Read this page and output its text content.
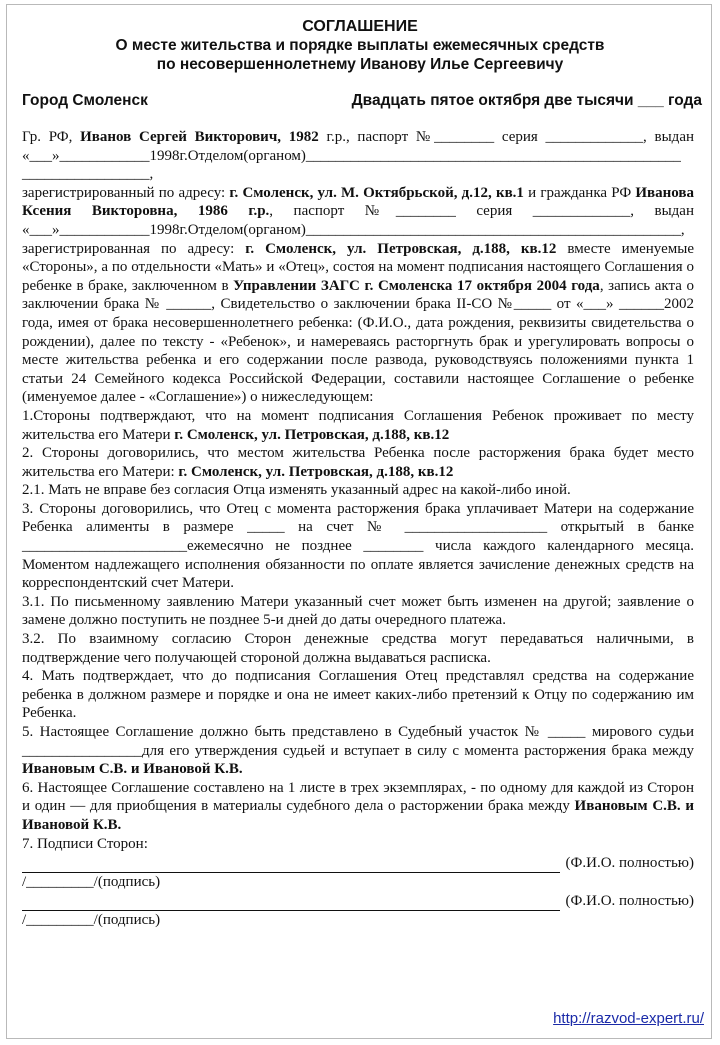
СОГЛАШЕНИЕ
О месте жительства и порядке выплаты ежемесячных средств
по несовершеннолетнему Иванову Илье Сергеевичу
Город Смоленск	Двадцать пятое октября две тысячи ___ года

Гр. РФ, Иванов Сергей Викторович, 1982 г.р., паспорт №________ серия _____________, выдан «___»____________1998г.Отделом(органом)__________________________________________________ _________________,
зарегистрированный по адресу: г. Смоленск, ул. М. Октябрьской, д.12, кв.1 и гражданка РФ Иванова Ксения Викторовна, 1986 г.р., паспорт №________ серия _____________, выдан «___»____________1998г.Отделом(органом)__________________________________________________,
зарегистрированная по адресу: г. Смоленск, ул. Петровская, д.188, кв.12 вместе именуемые «Стороны», а по отдельности «Мать» и «Отец», состоя на момент подписания настоящего Соглашения о ребенке в браке, заключенном в Управлении ЗАГС г. Смоленска 17 октября 2004 года, запись акта о заключении брака № ______, Свидетельство о заключении брака II-СО №_____ от «___» ______2002 года, имея от брака несовершеннолетнего ребенка: (Ф.И.О., дата рождения, реквизиты свидетельства о рождении), далее по тексту - «Ребенок», и намереваясь расторгнуть брак и урегулировать вопросы о месте жительства ребенка и его содержании после развода, руководствуясь положениями пункта 1 статьи 24 Семейного кодекса Российской Федерации, составили настоящее Соглашение о ребенке (именуемое далее - «Соглашение») о нижеследующем:

1.Стороны подтверждают, что на момент подписания Соглашения Ребенок проживает по месту жительства его Матери г. Смоленск, ул. Петровская, д.188, кв.12

2. Стороны договорились, что местом жительства Ребенка после расторжения брака будет место жительства его Матери: г. Смоленск, ул. Петровская, д.188, кв.12

2.1. Мать не вправе без согласия Отца изменять указанный адрес на какой-либо иной.

3. Стороны договорились, что Отец с момента расторжения брака уплачивает Матери на содержание Ребенка алименты в размере _____ на счет № ___________________ открытый в банке ______________________ежемесячно не позднее ________ числа каждого календарного месяца. Моментом надлежащего исполнения обязанности по оплате является зачисление денежных средств на корреспондентский счет Матери.

3.1. По письменному заявлению Матери указанный счет может быть изменен на другой; заявление о замене должно поступить не позднее 5-и дней до даты очередного платежа.

3.2. По взаимному согласию Сторон денежные средства могут передаваться наличными, в подтверждение чего получающей стороной должна выдаваться расписка.

4. Мать подтверждает, что до подписания Соглашения Отец представлял средства на содержание ребенка в должном размере и порядке и она не имеет каких-либо претензий к Отцу по содержанию им Ребенка.

5. Настоящее Соглашение должно быть представлено в Судебный участок № _____ мирового судьи ________________для его утверждения судьей и вступает в силу с момента расторжения брака между Ивановым С.В. и Ивановой К.В.

6. Настоящее Соглашение составлено на 1 листе в трех экземплярах, - по одному для каждой из Сторон и один — для приобщения в материалы судебного дела о расторжении брака между Ивановым С.В. и Ивановой К.В.

7. Подписи Сторон:

(Ф.И.О. полностью)

/_________/(подпись)

(Ф.И.О. полностью)

/_________/(подпись)

http://razvod-expert.ru/
